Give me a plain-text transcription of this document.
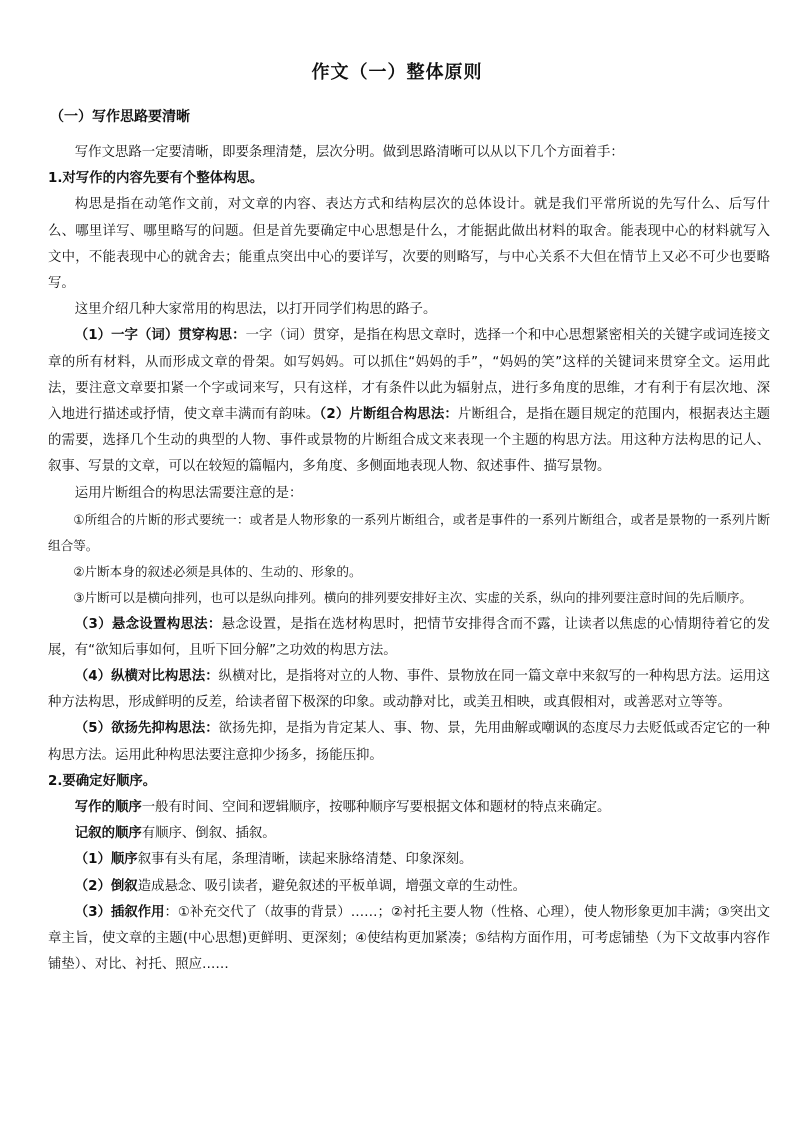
作文（一）整体原则
（一）写作思路要清晰

写作文思路一定要清晰，即要条理清楚，层次分明。做到思路清晰可以从以下几个方面着手：

1.对写作的内容先要有个整体构思。

构思是指在动笔作文前，对文章的内容、表达方式和结构层次的总体设计。就是我们平常所说的先写什么、后写什么、哪里详写、哪里略写的问题。但是首先要确定中心思想是什么，才能据此做出材料的取舍。能表现中心的材料就写入文中，不能表现中心的就舍去；能重点突出中心的要详写，次要的则略写，与中心关系不大但在情节上又必不可少也要略写。

这里介绍几种大家常用的构思法，以打开同学们构思的路子。

（1）一字（词）贯穿构思：一字（词）贯穿，是指在构思文章时，选择一个和中心思想紧密相关的关键字或词连接文章的所有材料，从而形成文章的骨架。如写妈妈。可以抓住“妈妈的手”，“妈妈的笑”这样的关键词来贯穿全文。运用此法，要注意文章要扣紧一个字或词来写，只有这样，才有条件以此为辐射点，进行多角度的思维，才有利于有层次地、深入地进行描述或抒情，使文章丰满而有韵味。（2）片断组合构思法：片断组合，是指在题目规定的范围内，根据表达主题的需要，选择几个生动的典型的人物、事件或景物的片断组合成文来表现一个主题的构思方法。用这种方法构思的记人、叙事、写景的文章，可以在较短的篇幅内，多角度、多侧面地表现人物、叙述事件、描写景物。

运用片断组合的构思法需要注意的是：

①所组合的片断的形式要统一：或者是人物形象的一系列片断组合，或者是事件的一系列片断组合，或者是景物的一系列片断组合等。

②片断本身的叙述必须是具体的、生动的、形象的。

③片断可以是横向排列，也可以是纵向排列。横向的排列要安排好主次、实虚的关系，纵向的排列要注意时间的先后顺序。

（3）悬念设置构思法：悬念设置，是指在选材构思时，把情节安排得含而不露，让读者以焦虑的心情期待着它的发展，有“欲知后事如何，且听下回分解”之功效的构思方法。

（4）纵横对比构思法：纵横对比，是指将对立的人物、事件、景物放在同一篇文章中来叙写的一种构思方法。运用这种方法构思，形成鲜明的反差，给读者留下极深的印象。或动静对比，或美丑相映，或真假相对，或善恶对立等等。

（5）欲扬先抑构思法：欲扬先抑，是指为肯定某人、事、物、景，先用曲解或嘲讽的态度尽力去贬低或否定它的一种构思方法。运用此种构思法要注意抑少扬多，扬能压抑。

2.要确定好顺序。

写作的顺序一般有时间、空间和逻辑顺序，按哪种顺序写要根据文体和题材的特点来确定。

记叙的顺序有顺序、倒叙、插叙。

（1）顺序叙事有头有尾，条理清晰，读起来脉络清楚、印象深刻。

（2）倒叙造成悬念、吸引读者，避免叙述的平板单调，增强文章的生动性。

（3）插叙作用：①补充交代了（故事的背景）……；②衬托主要人物（性格、心理），使人物形象更加丰满；③突出文章主旨，使文章的主题(中心思想)更鲜明、更深刻；④使结构更加紧凑；⑤结构方面作用，可考虑铺垫（为下文故事内容作铺垫）、对比、衬托、照应……
